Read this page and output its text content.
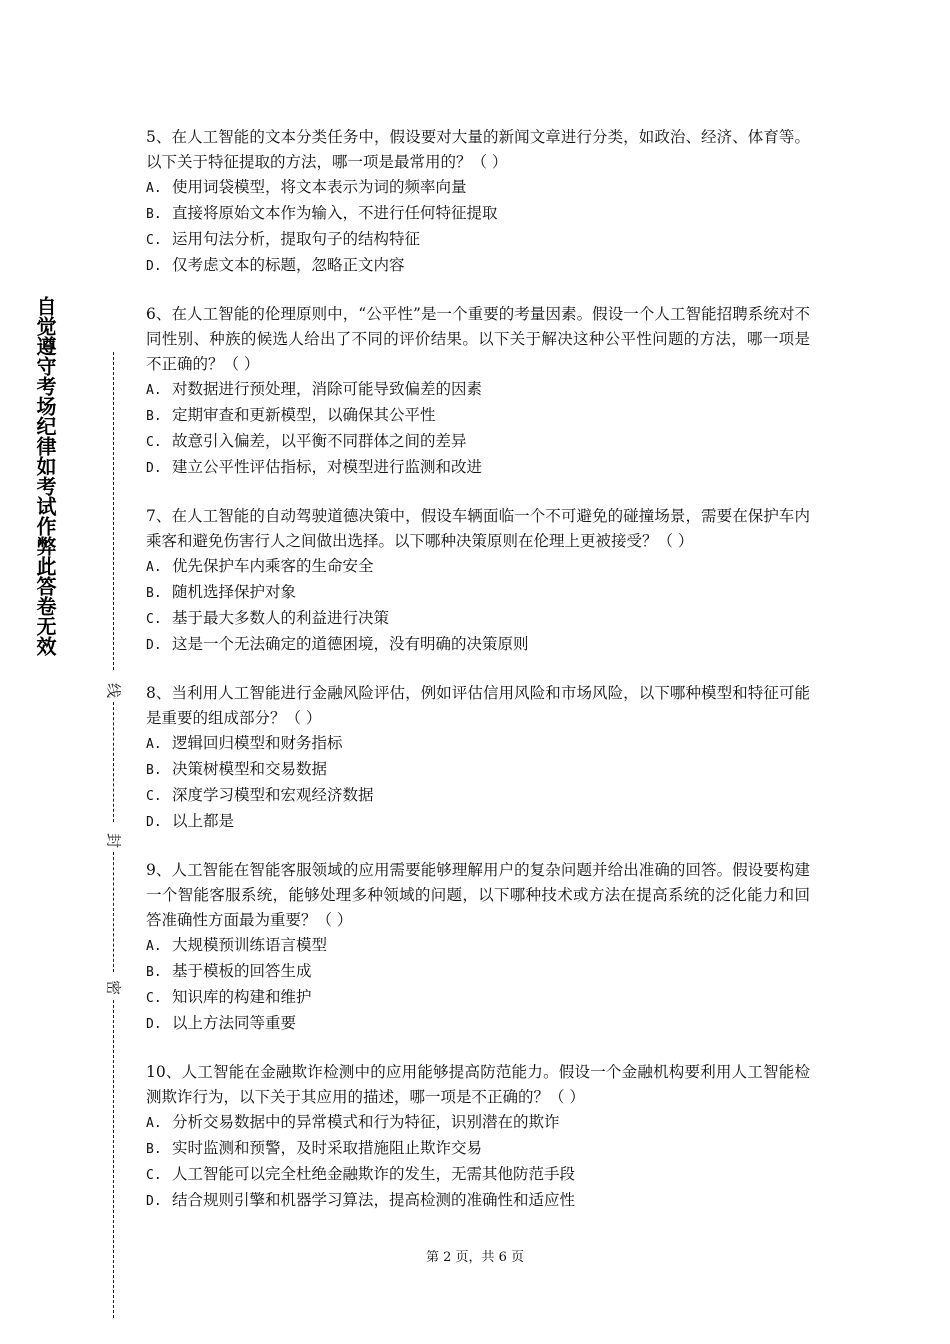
自觉遵守考场纪律如考试作弊此答卷无效
线
封
密

5、在人工智能的文本分类任务中，假设要对大量的新闻文章进行分类，如政治、经济、体育等。以下关于特征提取的方法，哪一项是最常用的？（ ）

A. 使用词袋模型，将文本表示为词的频率向量

B. 直接将原始文本作为输入，不进行任何特征提取

C. 运用句法分析，提取句子的结构特征

D. 仅考虑文本的标题，忽略正文内容

6、在人工智能的伦理原则中，“公平性”是一个重要的考量因素。假设一个人工智能招聘系统对不同性别、种族的候选人给出了不同的评价结果。以下关于解决这种公平性问题的方法，哪一项是不正确的？（ ）

A. 对数据进行预处理，消除可能导致偏差的因素

B. 定期审查和更新模型，以确保其公平性

C. 故意引入偏差，以平衡不同群体之间的差异

D. 建立公平性评估指标，对模型进行监测和改进

7、在人工智能的自动驾驶道德决策中，假设车辆面临一个不可避免的碰撞场景，需要在保护车内乘客和避免伤害行人之间做出选择。以下哪种决策原则在伦理上更被接受？（ ）

A. 优先保护车内乘客的生命安全

B. 随机选择保护对象

C. 基于最大多数人的利益进行决策

D. 这是一个无法确定的道德困境，没有明确的决策原则

8、当利用人工智能进行金融风险评估，例如评估信用风险和市场风险，以下哪种模型和特征可能是重要的组成部分？（ ）

A. 逻辑回归模型和财务指标

B. 决策树模型和交易数据

C. 深度学习模型和宏观经济数据

D. 以上都是

9、人工智能在智能客服领域的应用需要能够理解用户的复杂问题并给出准确的回答。假设要构建一个智能客服系统，能够处理多种领域的问题，以下哪种技术或方法在提高系统的泛化能力和回答准确性方面最为重要？（ ）

A. 大规模预训练语言模型

B. 基于模板的回答生成

C. 知识库的构建和维护

D. 以上方法同等重要

10、人工智能在金融欺诈检测中的应用能够提高防范能力。假设一个金融机构要利用人工智能检测欺诈行为，以下关于其应用的描述，哪一项是不正确的？（ ）

A. 分析交易数据中的异常模式和行为特征，识别潜在的欺诈

B. 实时监测和预警，及时采取措施阻止欺诈交易

C. 人工智能可以完全杜绝金融欺诈的发生，无需其他防范手段

D. 结合规则引擎和机器学习算法，提高检测的准确性和适应性

第 2 页，共 6 页
